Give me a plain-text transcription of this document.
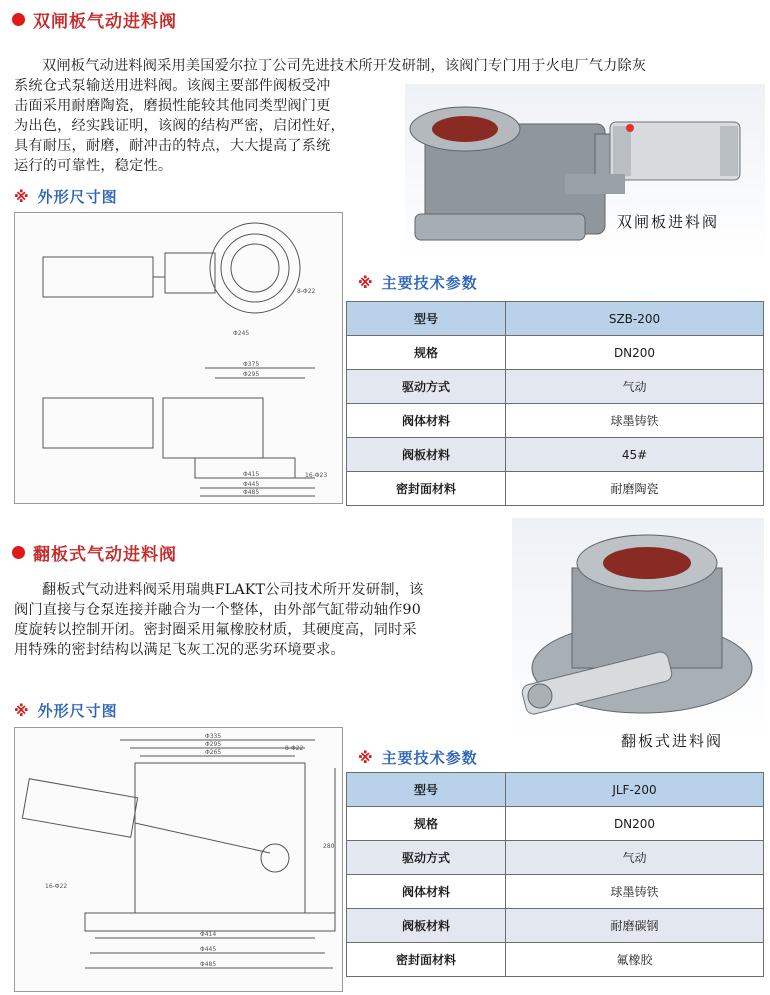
双闸板气动进料阀
双闸板气动进料阀采用美国爱尔拉丁公司先进技术所开发研制，该阀门专门用于火电厂气力除灰
系统仓式泵输送用进料阀。该阀主要部件阀板受冲
击面采用耐磨陶瓷，磨损性能较其他同类型阀门更
为出色，经实践证明，该阀的结构严密，启闭性好，
具有耐压，耐磨，耐冲击的特点，大大提高了系统
运行的可靠性，稳定性。
双闸板进料阀
※ 外形尺寸图
8-Φ22
Φ245
Φ375
Φ295
Φ415
Φ445
Φ485
16-Φ23
※ 主要技术参数
型号	SZB-200
规格	DN200
驱动方式	气动
阀体材料	球墨铸铁
阀板材料	45#
密封面材料	耐磨陶瓷
翻板式气动进料阀
翻板式气动进料阀采用瑞典FLAKT公司技术所开发研制，该
阀门直接与仓泵连接并融合为一个整体，由外部气缸带动轴作90
度旋转以控制开闭。密封圈采用氟橡胶材质，其硬度高，同时采
用特殊的密封结构以满足飞灰工况的恶劣环境要求。
翻板式进料阀
※ 外形尺寸图
Φ335
Φ295
Φ265
8-Φ22
280
16-Φ22
Φ414
Φ445
Φ485
※ 主要技术参数
型号	JLF-200
规格	DN200
驱动方式	气动
阀体材料	球墨铸铁
阀板材料	耐磨碳钢
密封面材料	氟橡胶
